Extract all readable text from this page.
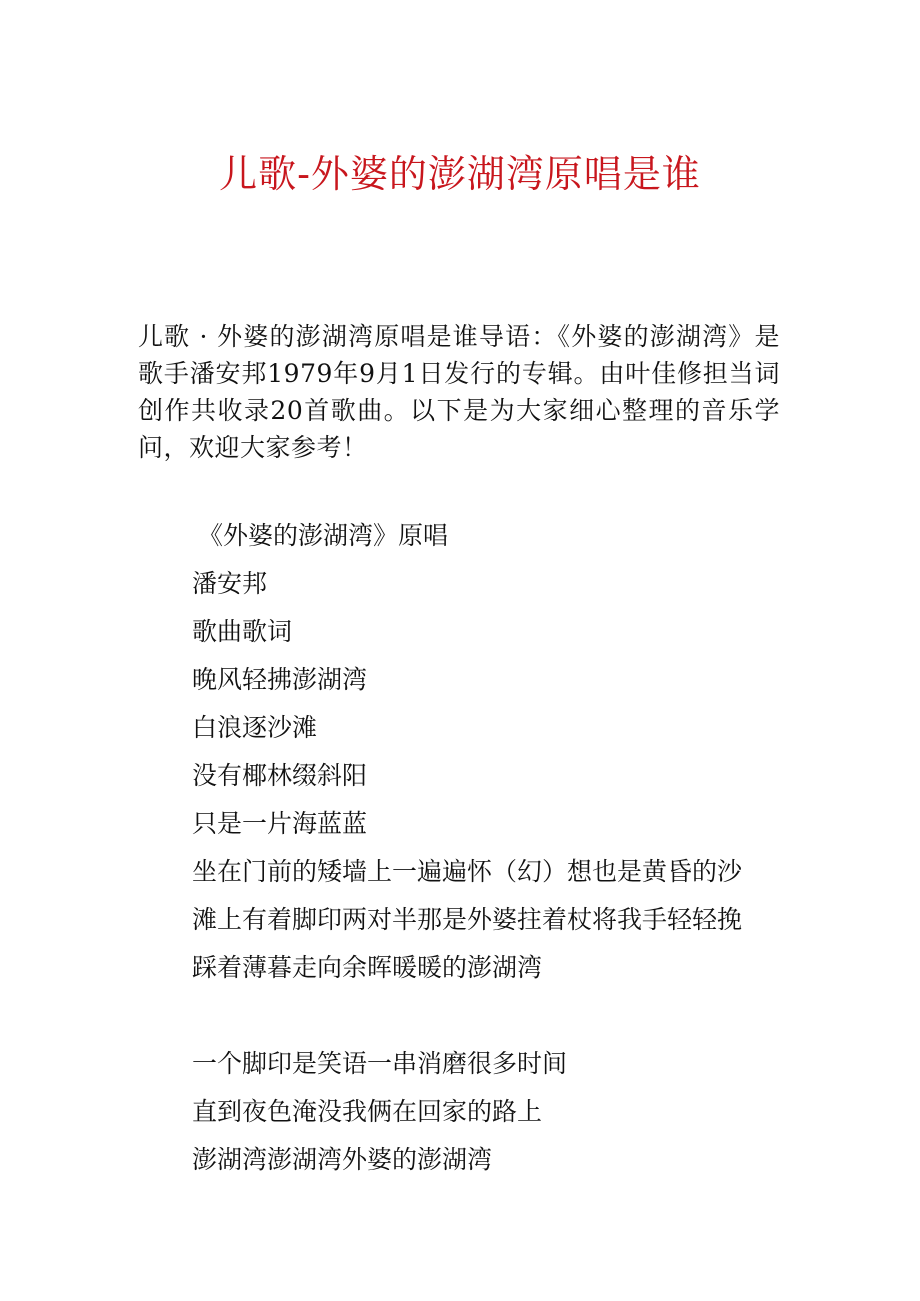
儿歌-外婆的澎湖湾原唱是谁

儿歌 · 外婆的澎湖湾原唱是谁导语：《外婆的澎湖湾》是歌手潘安邦1979年9月1日发行的专辑。由叶佳修担当词创作共收录20首歌曲。以下是为大家细心整理的音乐学问，欢迎大家参考！

《外婆的澎湖湾》原唱
潘安邦
歌曲歌词
晚风轻拂澎湖湾
白浪逐沙滩
没有椰林缀斜阳
只是一片海蓝蓝
坐在门前的矮墙上一遍遍怀（幻）想也是黄昏的沙
滩上有着脚印两对半那是外婆拄着杖将我手轻轻挽
踩着薄暮走向余晖暖暖的澎湖湾
一个脚印是笑语一串消磨很多时间
直到夜色淹没我俩在回家的路上
澎湖湾澎湖湾外婆的澎湖湾
